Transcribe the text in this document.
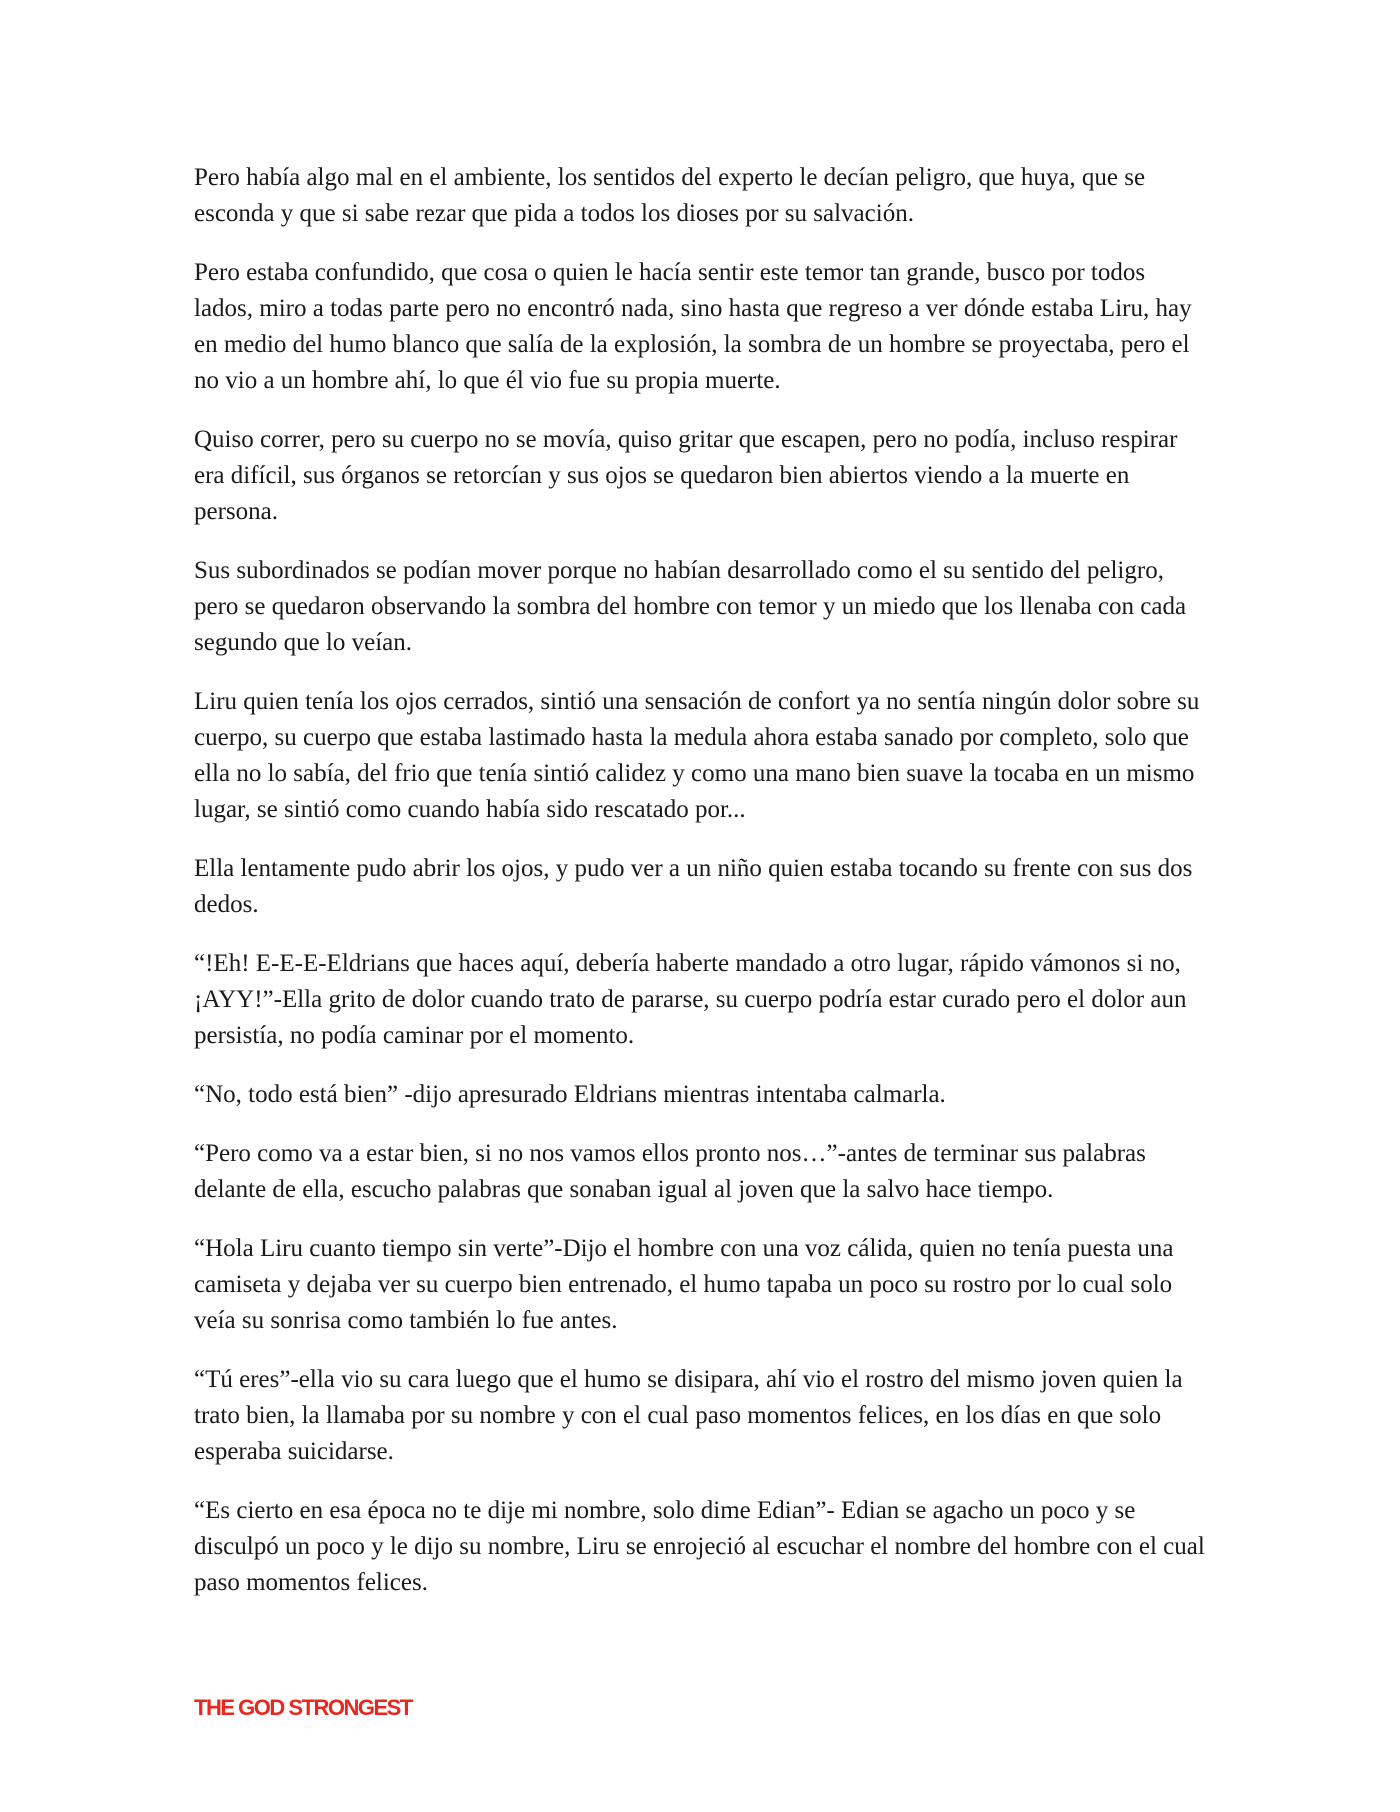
Pero había algo mal en el ambiente, los sentidos del experto le decían peligro, que huya, que se esconda y que si sabe rezar que pida a todos los dioses por su salvación.

Pero estaba confundido, que cosa o quien le hacía sentir este temor tan grande, busco por todos lados, miro a todas parte pero no encontró nada, sino hasta que regreso a ver dónde estaba Liru, hay en medio del humo blanco que salía de la explosión, la sombra de un hombre se proyectaba, pero el no vio a un hombre ahí, lo que él vio fue su propia muerte.

Quiso correr, pero su cuerpo no se movía, quiso gritar que escapen, pero no podía, incluso respirar era difícil, sus órganos se retorcían y sus ojos se quedaron bien abiertos viendo a la muerte en persona.

Sus subordinados se podían mover porque no habían desarrollado como el su sentido del peligro, pero se quedaron observando la sombra del hombre con temor y un miedo que los llenaba con cada segundo que lo veían.

Liru quien tenía los ojos cerrados, sintió una sensación de confort ya no sentía ningún dolor sobre su cuerpo, su cuerpo que estaba lastimado hasta la medula ahora estaba sanado por completo, solo que ella no lo sabía, del frio que tenía sintió calidez y como una mano bien suave la tocaba en un mismo lugar, se sintió como cuando había sido rescatado por...

Ella lentamente pudo abrir los ojos, y pudo ver a un niño quien estaba tocando su frente con sus dos dedos.

“!Eh! E-E-E-Eldrians que haces aquí, debería haberte mandado a otro lugar, rápido vámonos si no, ¡AYY!”-Ella grito de dolor cuando trato de pararse, su cuerpo podría estar curado pero el dolor aun persistía, no podía caminar por el momento.

“No, todo está bien” -dijo apresurado Eldrians mientras intentaba calmarla.

“Pero como va a estar bien, si no nos vamos ellos pronto nos…”-antes de terminar sus palabras delante de ella, escucho palabras que sonaban igual al joven que la salvo hace tiempo.

“Hola Liru cuanto tiempo sin verte”-Dijo el hombre con una voz cálida, quien no tenía puesta una camiseta y dejaba ver su cuerpo bien entrenado, el humo tapaba un poco su rostro por lo cual solo veía su sonrisa como también lo fue antes.

“Tú eres”-ella vio su cara luego que el humo se disipara, ahí vio el rostro del mismo joven quien la trato bien, la llamaba por su nombre y con el cual paso momentos felices, en los días en que solo esperaba suicidarse.

“Es cierto en esa época no te dije mi nombre, solo dime Edian”- Edian se agacho un poco y se disculpó un poco y le dijo su nombre, Liru se enrojeció al escuchar el nombre del hombre con el cual paso momentos felices.

THE GOD STRONGEST
